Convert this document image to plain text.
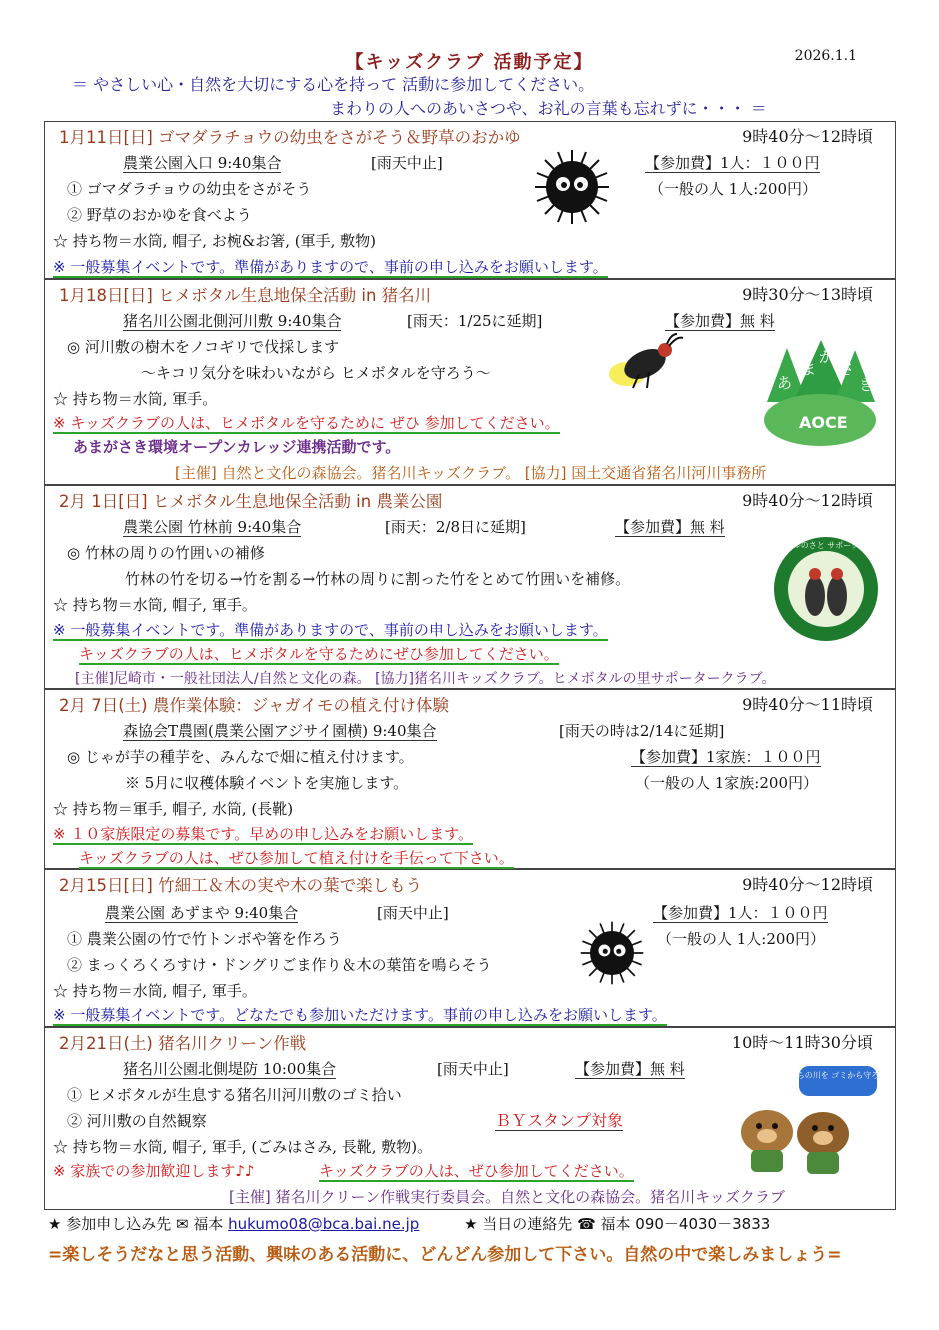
【キッズクラブ 活動予定】	2026.1.1
＝ やさしい心・自然を大切にする心を持って 活動に参加してください。
まわりの人へのあいさつや、お礼の言葉も忘れずに・・・ ＝
1月11日[日] ゴマダラチョウの幼虫をさがそう＆野草のおかゆ	9時40分～12時頃
農業公園入口 9:40集合	[雨天中止]	【参加費】1人：１００円
（一般の人 1人:200円）
① ゴマダラチョウの幼虫をさがそう
② 野草のおかゆを食べよう
☆ 持ち物＝水筒, 帽子, お椀&お箸, (軍手, 敷物)
※ 一般募集イベントです。準備がありますので、事前の申し込みをお願いします。
1月18日[日] ヒメボタル生息地保全活動 in 猪名川	9時30分～13時頃
猪名川公園北側河川敷 9:40集合	[雨天：1/25に延期]	【参加費】無 料
◎ 河川敷の樹木をノコギリで伐採します
～キコリ気分を味わいながら ヒメボタルを守ろう～
☆ 持ち物＝水筒, 軍手。
※ キッズクラブの人は、ヒメボタルを守るために ぜひ 参加してください。
あまがさき環境オープンカレッジ連携活動です。
[主催] 自然と文化の森協会。猪名川キッズクラブ。 [協力] 国土交通省猪名川河川事務所
あ
ま
が
さ
き
AOCE
2月 1日[日] ヒメボタル生息地保全活動 in 農業公園	9時40分～12時頃
農業公園 竹林前 9:40集合	[雨天：2/8日に延期]	【参加費】無 料
◎ 竹林の周りの竹囲いの補修
竹林の竹を切る→竹を割る→竹林の周りに割った竹をとめて竹囲いを補修。
☆ 持ち物＝水筒, 帽子, 軍手。
※ 一般募集イベントです。準備がありますので、事前の申し込みをお願いします。
キッズクラブの人は、ヒメボタルを守るためにぜひ参加してください。
[主催]尼崎市・一般社団法人/自然と文化の森。 [協力]猪名川キッズクラブ。ヒメボタルの里サポータークラブ。
ヒメボタルのさと サポータークラブ
2月 7日(土) 農作業体験：ジャガイモの植え付け体験	9時40分～11時頃
森協会T農園(農業公園アジサイ園横) 9:40集合	[雨天の時は2/14に延期]
◎ じゃが芋の種芋を、みんなで畑に植え付けます。	【参加費】1家族：１００円
※ 5月に収穫体験イベントを実施します。	（一般の人 1家族:200円）
☆ 持ち物＝軍手, 帽子, 水筒, (長靴)
※ １０家族限定の募集です。早めの申し込みをお願いします。
キッズクラブの人は、ぜひ参加して植え付けを手伝って下さい。
2月15日[日] 竹細工＆木の実や木の葉で楽しもう	9時40分～12時頃
農業公園 あずまや 9:40集合	[雨天中止]	【参加費】1人：１００円
（一般の人 1人:200円）
① 農業公園の竹で竹トンボや箸を作ろう
② まっくろくろすけ・ドングリごま作り＆木の葉笛を鳴らそう
☆ 持ち物＝水筒, 帽子, 軍手。
※ 一般募集イベントです。どなたでも参加いただけます。事前の申し込みをお願いします。
2月21日(土) 猪名川クリーン作戦	10時～11時30分頃
猪名川公園北側堤防 10:00集合	[雨天中止]	【参加費】無 料
① ヒメボタルが生息する猪名川河川敷のゴミ拾い
② 河川敷の自然観察	ＢＹスタンプ対象
☆ 持ち物＝水筒, 帽子, 軍手, (ごみはさみ, 長靴, 敷物)。
※ 家族での参加歓迎します♪♪	キッズクラブの人は、ぜひ参加してください。
[主催] 猪名川クリーン作戦実行委員会。自然と文化の森協会。猪名川キッズクラブ
ボクらの川を ゴミから守ろう！
★ 参加申し込み先 ✉ 福本 hukumo08@bca.bai.ne.jp	★ 当日の連絡先 ☎ 福本 090－4030－3833
=楽しそうだなと思う活動、興味のある活動に、どんどん参加して下さい。自然の中で楽しみましょう=
